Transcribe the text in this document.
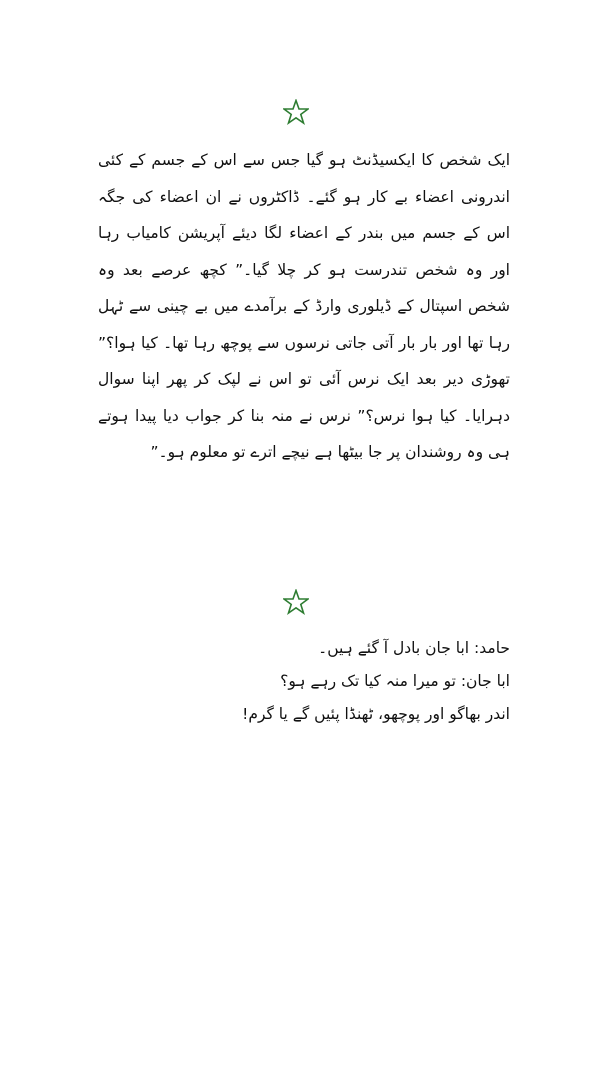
ایک شخص کا ایکسیڈنٹ ہو گیا جس سے اس کے جسم کے کئی اندرونی اعضاء بے کار ہو گئے۔ ڈاکٹروں نے ان اعضاء کی جگہ اس کے جسم میں بندر کے اعضاء لگا دیئے آپریشن کامیاب رہا اور وہ شخص تندرست ہو کر چلا گیا۔” کچھ عرصے بعد وہ شخص اسپتال کے ڈیلوری وارڈ کے برآمدے میں بے چینی سے ٹہل رہا تھا اور بار بار آتی جاتی نرسوں سے پوچھ رہا تھا۔ کیا ہوا؟” تھوڑی دیر بعد ایک نرس آئی تو اس نے لپک کر پھر اپنا سوال دہرایا۔ کیا ہوا نرس؟” نرس نے منہ بنا کر جواب دیا پیدا ہوتے ہی وہ روشندان پر جا بیٹھا ہے نیچے اترے تو معلوم ہو۔”

حامد: ابا جان بادل آ گئے ہیں۔
ابا جان: تو میرا منہ کیا تک رہے ہو؟
اندر بھاگو اور پوچھو، ٹھنڈا پئیں گے یا گرم!
